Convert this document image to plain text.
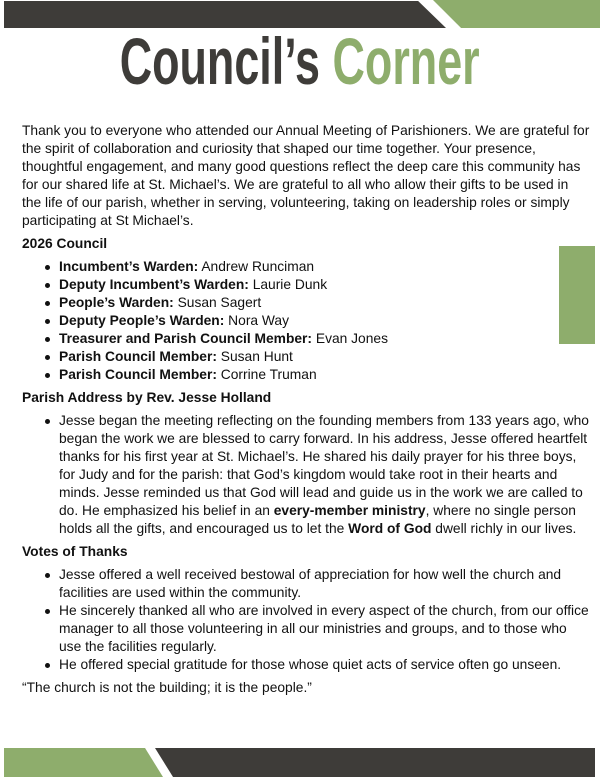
Council’s Corner

Thank you to everyone who attended our Annual Meeting of Parishioners. We are grateful for the spirit of collaboration and curiosity that shaped our time together. Your presence, thoughtful engagement, and many good questions reflect the deep care this community has for our shared life at St. Michael’s. We are grateful to all who allow their gifts to be used in the life of our parish, whether in serving, volunteering, taking on leadership roles or simply participating at St Michael’s.

2026 Council

Incumbent’s Warden: Andrew Runciman
Deputy Incumbent’s Warden: Laurie Dunk
People’s Warden: Susan Sagert
Deputy People’s Warden: Nora Way
Treasurer and Parish Council Member: Evan Jones
Parish Council Member: Susan Hunt
Parish Council Member: Corrine Truman

Parish Address by Rev. Jesse Holland

Jesse began the meeting reflecting on the founding members from 133 years ago, who began the work we are blessed to carry forward. In his address, Jesse offered heartfelt thanks for his first year at St. Michael’s. He shared his daily prayer for his three boys, for Judy and for the parish: that God’s kingdom would take root in their hearts and minds. Jesse reminded us that God will lead and guide us in the work we are called to do. He emphasized his belief in an every-member ministry, where no single person holds all the gifts, and encouraged us to let the Word of God dwell richly in our lives.

Votes of Thanks

Jesse offered a well received bestowal of appreciation for how well the church and facilities are used within the community.
He sincerely thanked all who are involved in every aspect of the church, from our office manager to all those volunteering in all our ministries and groups, and to those who use the facilities regularly.
He offered special gratitude for those whose quiet acts of service often go unseen.

“The church is not the building; it is the people.”
